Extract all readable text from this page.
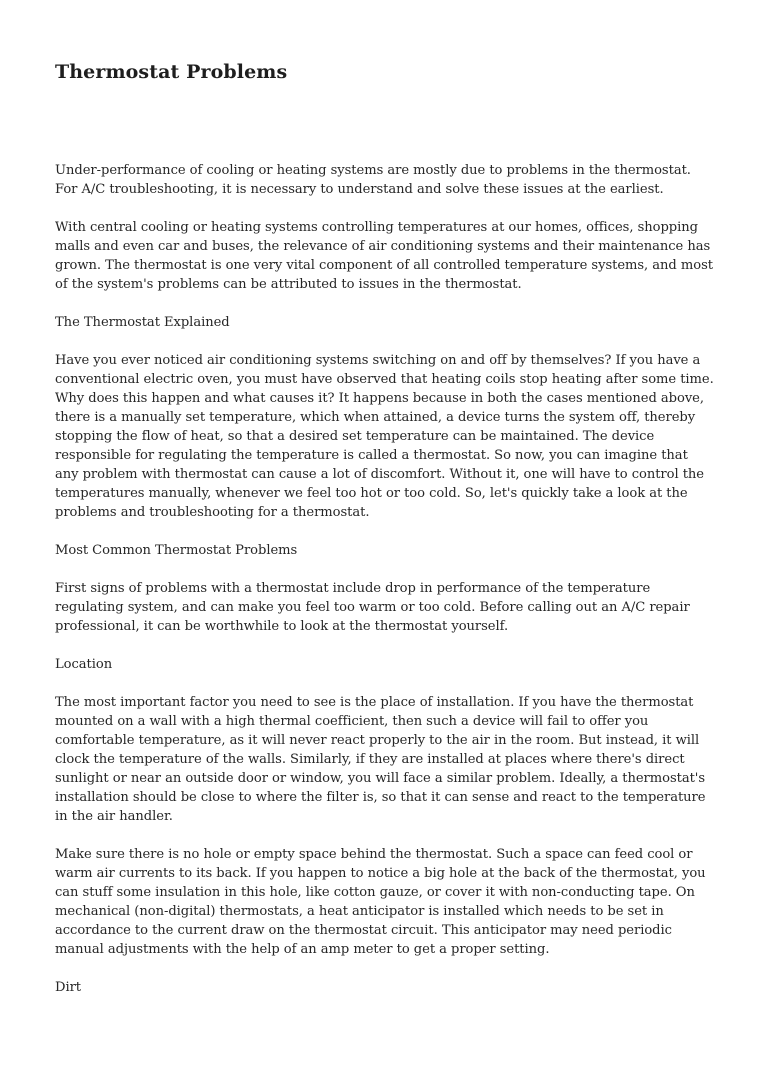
Thermostat Problems

Under-performance of cooling or heating systems are mostly due to problems in the thermostat. For A/C troubleshooting, it is necessary to understand and solve these issues at the earliest.

With central cooling or heating systems controlling temperatures at our homes, offices, shopping malls and even car and buses, the relevance of air conditioning systems and their maintenance has grown. The thermostat is one very vital component of all controlled temperature systems, and most of the system's problems can be attributed to issues in the thermostat.

The Thermostat Explained

Have you ever noticed air conditioning systems switching on and off by themselves? If you have a conventional electric oven, you must have observed that heating coils stop heating after some time. Why does this happen and what causes it? It happens because in both the cases mentioned above, there is a manually set temperature, which when attained, a device turns the system off, thereby stopping the flow of heat, so that a desired set temperature can be maintained. The device responsible for regulating the temperature is called a thermostat. So now, you can imagine that any problem with thermostat can cause a lot of discomfort. Without it, one will have to control the temperatures manually, whenever we feel too hot or too cold. So, let's quickly take a look at the problems and troubleshooting for a thermostat.

Most Common Thermostat Problems

First signs of problems with a thermostat include drop in performance of the temperature regulating system, and can make you feel too warm or too cold. Before calling out an A/C repair professional, it can be worthwhile to look at the thermostat yourself.

Location

The most important factor you need to see is the place of installation. If you have the thermostat mounted on a wall with a high thermal coefficient, then such a device will fail to offer you comfortable temperature, as it will never react properly to the air in the room. But instead, it will clock the temperature of the walls. Similarly, if they are installed at places where there's direct sunlight or near an outside door or window, you will face a similar problem. Ideally, a thermostat's installation should be close to where the filter is, so that it can sense and react to the temperature in the air handler.

Make sure there is no hole or empty space behind the thermostat. Such a space can feed cool or warm air currents to its back. If you happen to notice a big hole at the back of the thermostat, you can stuff some insulation in this hole, like cotton gauze, or cover it with non-conducting tape. On mechanical (non-digital) thermostats, a heat anticipator is installed which needs to be set in accordance to the current draw on the thermostat circuit. This anticipator may need periodic manual adjustments with the help of an amp meter to get a proper setting.

Dirt
